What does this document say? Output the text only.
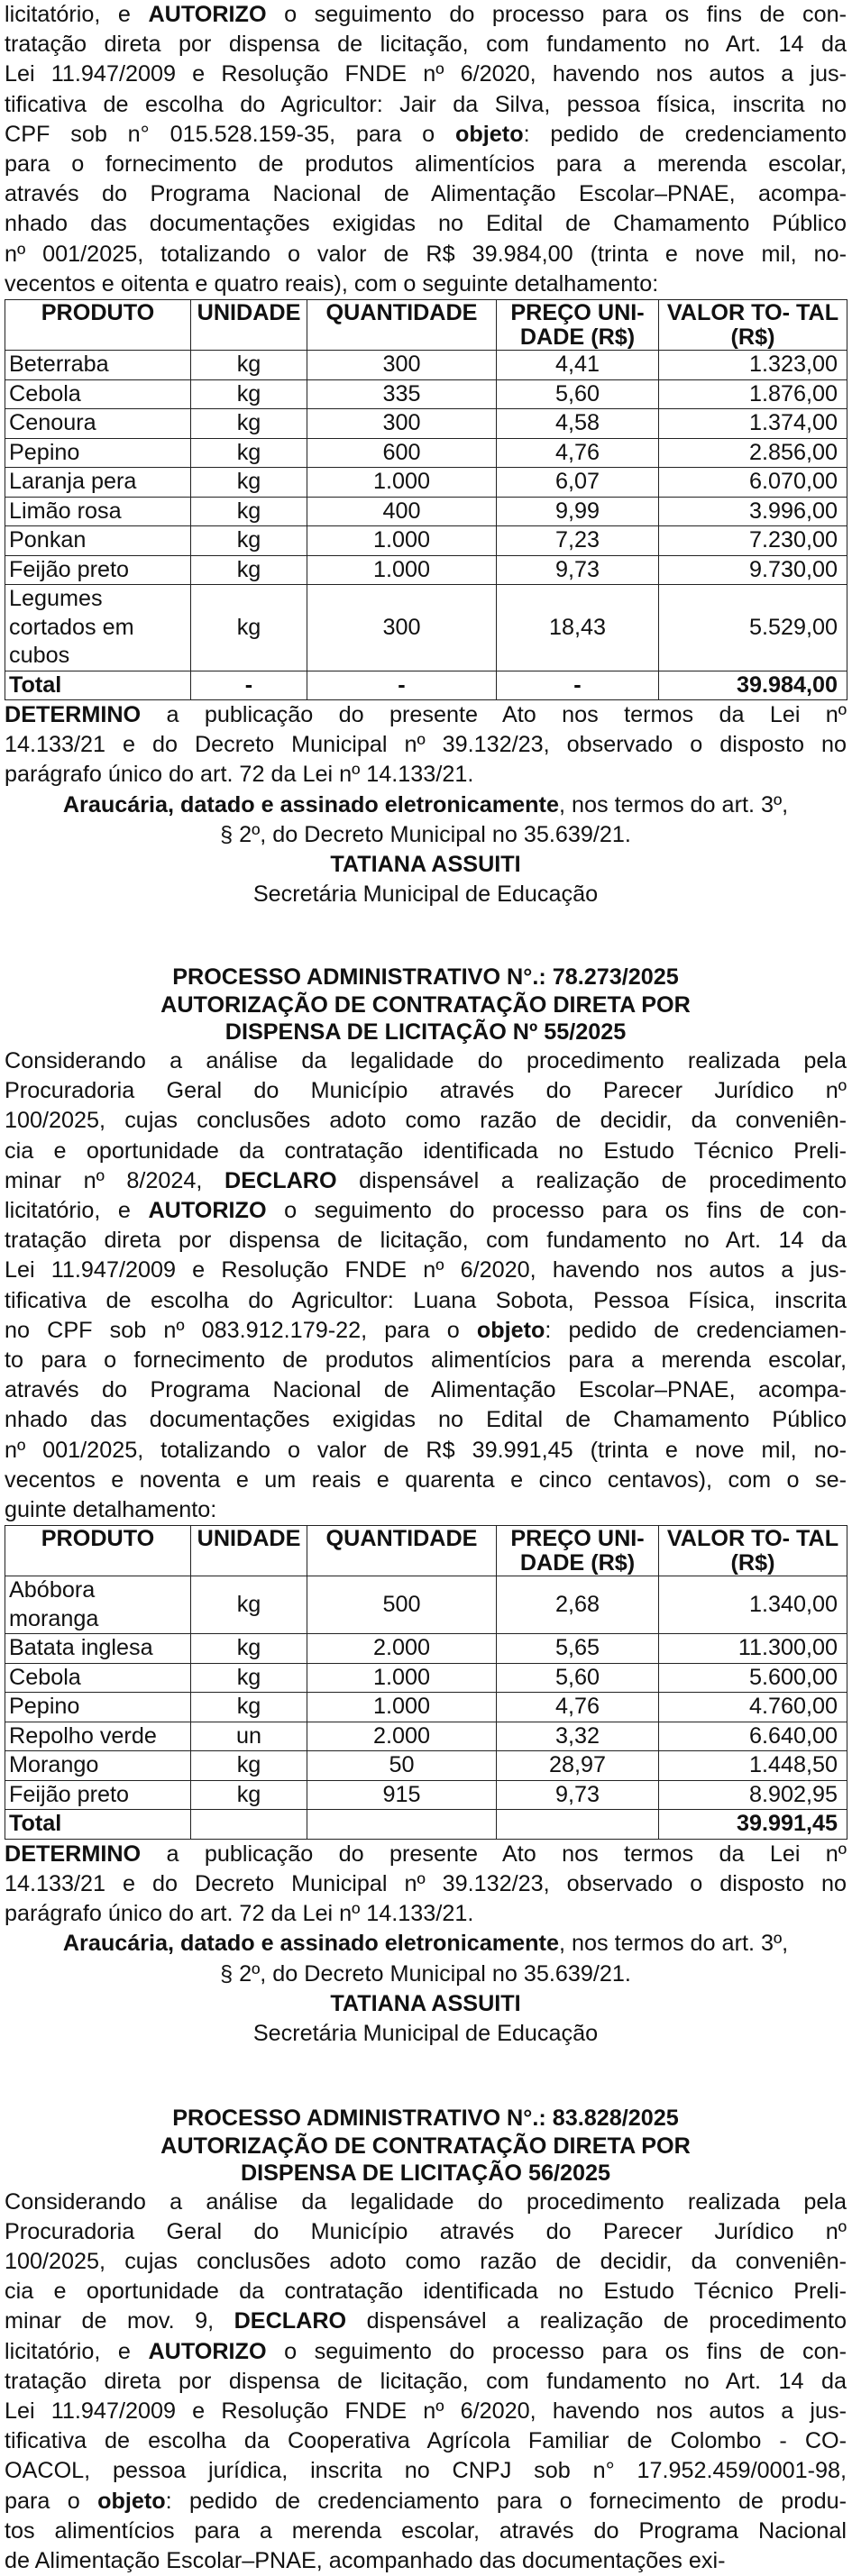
licitatório, e AUTORIZO o seguimento do processo para os fins de con-
tratação direta por dispensa de licitação, com fundamento no Art. 14 da
Lei 11.947/2009 e Resolução FNDE nº 6/2020, havendo nos autos a jus-
tificativa de escolha do Agricultor: Jair da Silva, pessoa física, inscrita no
CPF sob n° 015.528.159-35, para o objeto: pedido de credenciamento
para o fornecimento de produtos alimentícios para a merenda escolar,
através do Programa Nacional de Alimentação Escolar–PNAE, acompa-
nhado das documentações exigidas no Edital de Chamamento Público
nº 001/2025, totalizando o valor de R$ 39.984,00 (trinta e nove mil, no-
vecentos e oitenta e quatro reais), com o seguinte detalhamento:

PRODUTO	UNIDADE	QUANTIDADE	PREÇO UNI- DADE (R$)	VALOR TO- TAL (R$)
Beterraba	kg	300	4,41	1.323,00
Cebola	kg	335	5,60	1.876,00
Cenoura	kg	300	4,58	1.374,00
Pepino	kg	600	4,76	2.856,00
Laranja pera	kg	1.000	6,07	6.070,00
Limão rosa	kg	400	9,99	3.996,00
Ponkan	kg	1.000	7,23	7.230,00
Feijão preto	kg	1.000	9,73	9.730,00
Legumes cortados em cubos	kg	300	18,43	5.529,00
Total	-	-	-	39.984,00

DETERMINO a publicação do presente Ato nos termos da Lei nº
14.133/21 e do Decreto Municipal nº 39.132/23, observado o disposto no
parágrafo único do art. 72 da Lei nº 14.133/21.

Araucária, datado e assinado eletronicamente, nos termos do art. 3º,

§ 2º, do Decreto Municipal no 35.639/21.

TATIANA ASSUITI

Secretária Municipal de Educação

PROCESSO ADMINISTRATIVO N°.: 78.273/2025
AUTORIZAÇÃO DE CONTRATAÇÃO DIRETA POR
DISPENSA DE LICITAÇÃO Nº 55/2025

Considerando a análise da legalidade do procedimento realizada pela
Procuradoria Geral do Município através do Parecer Jurídico nº
100/2025, cujas conclusões adoto como razão de decidir, da conveniên-
cia e oportunidade da contratação identificada no Estudo Técnico Preli-
minar nº 8/2024, DECLARO dispensável a realização de procedimento
licitatório, e AUTORIZO o seguimento do processo para os fins de con-
tratação direta por dispensa de licitação, com fundamento no Art. 14 da
Lei 11.947/2009 e Resolução FNDE nº 6/2020, havendo nos autos a jus-
tificativa de escolha do Agricultor: Luana Sobota, Pessoa Física, inscrita
no CPF sob nº 083.912.179-22, para o objeto: pedido de credenciamen-
to para o fornecimento de produtos alimentícios para a merenda escolar,
através do Programa Nacional de Alimentação Escolar–PNAE, acompa-
nhado das documentações exigidas no Edital de Chamamento Público
nº 001/2025, totalizando o valor de R$ 39.991,45 (trinta e nove mil, no-
vecentos e noventa e um reais e quarenta e cinco centavos), com o se-
guinte detalhamento:

PRODUTO	UNIDADE	QUANTIDADE	PREÇO UNI- DADE (R$)	VALOR TO- TAL (R$)
Abóbora moranga	kg	500	2,68	1.340,00
Batata inglesa	kg	2.000	5,65	11.300,00
Cebola	kg	1.000	5,60	5.600,00
Pepino	kg	1.000	4,76	4.760,00
Repolho verde	un	2.000	3,32	6.640,00
Morango	kg	50	28,97	1.448,50
Feijão preto	kg	915	9,73	8.902,95
Total				39.991,45

DETERMINO a publicação do presente Ato nos termos da Lei nº
14.133/21 e do Decreto Municipal nº 39.132/23, observado o disposto no
parágrafo único do art. 72 da Lei nº 14.133/21.

Araucária, datado e assinado eletronicamente, nos termos do art. 3º,

§ 2º, do Decreto Municipal no 35.639/21.

TATIANA ASSUITI

Secretária Municipal de Educação

PROCESSO ADMINISTRATIVO N°.: 83.828/2025
AUTORIZAÇÃO DE CONTRATAÇÃO DIRETA POR
DISPENSA DE LICITAÇÃO 56/2025

Considerando a análise da legalidade do procedimento realizada pela
Procuradoria Geral do Município através do Parecer Jurídico nº
100/2025, cujas conclusões adoto como razão de decidir, da conveniên-
cia e oportunidade da contratação identificada no Estudo Técnico Preli-
minar de mov. 9, DECLARO dispensável a realização de procedimento
licitatório, e AUTORIZO o seguimento do processo para os fins de con-
tratação direta por dispensa de licitação, com fundamento no Art. 14 da
Lei 11.947/2009 e Resolução FNDE nº 6/2020, havendo nos autos a jus-
tificativa de escolha da Cooperativa Agrícola Familiar de Colombo - CO-
OACOL, pessoa jurídica, inscrita no CNPJ sob n° 17.952.459/0001-98,
para o objeto: pedido de credenciamento para o fornecimento de produ-
tos alimentícios para a merenda escolar, através do Programa Nacional
de Alimentação Escolar–PNAE, acompanhado das documentações exi-
